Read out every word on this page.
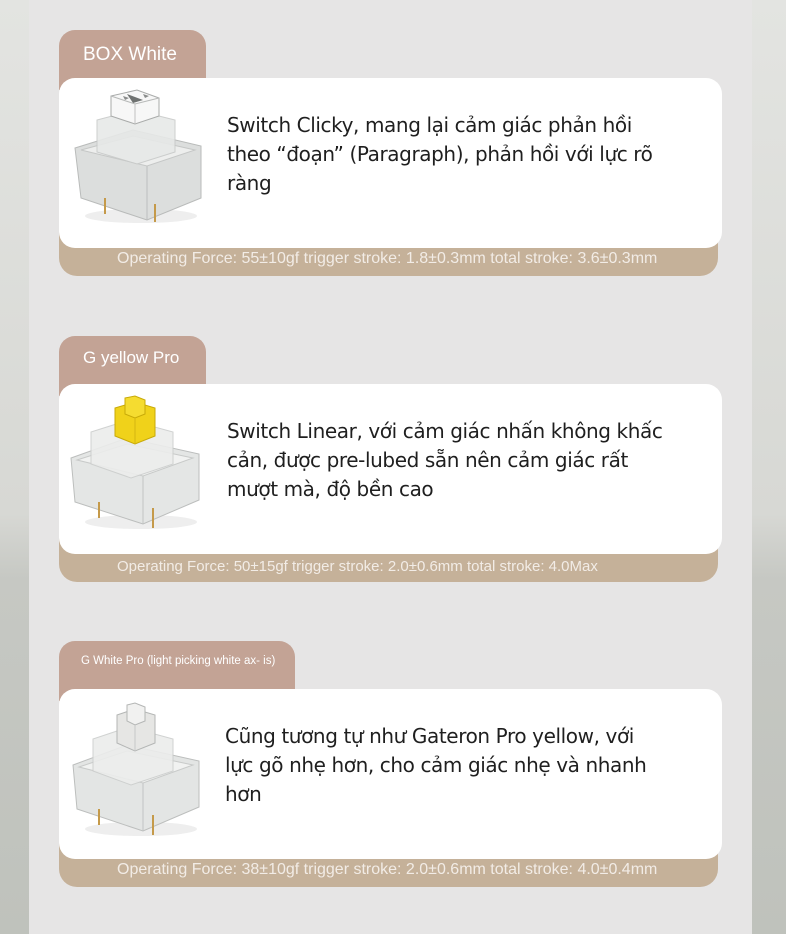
BOX White
Operating Force: 55±10gf trigger stroke: 1.8±0.3mm total stroke: 3.6±0.3mm
Switch Clicky, mang lại cảm giác phản hồi theo “đoạn” (Paragraph), phản hồi với lực rõ ràng
G yellow Pro
Operating Force: 50±15gf trigger stroke: 2.0±0.6mm total stroke: 4.0Max
Switch Linear, với cảm giác nhấn không khấc cản, được pre-lubed sẵn nên cảm giác rất mượt mà, độ bền cao
G White Pro (light picking white ax- is)
Operating Force: 38±10gf trigger stroke: 2.0±0.6mm total stroke: 4.0±0.4mm
Cũng tương tự như Gateron Pro yellow, với lực gõ nhẹ hơn, cho cảm giác nhẹ và nhanh hơn
